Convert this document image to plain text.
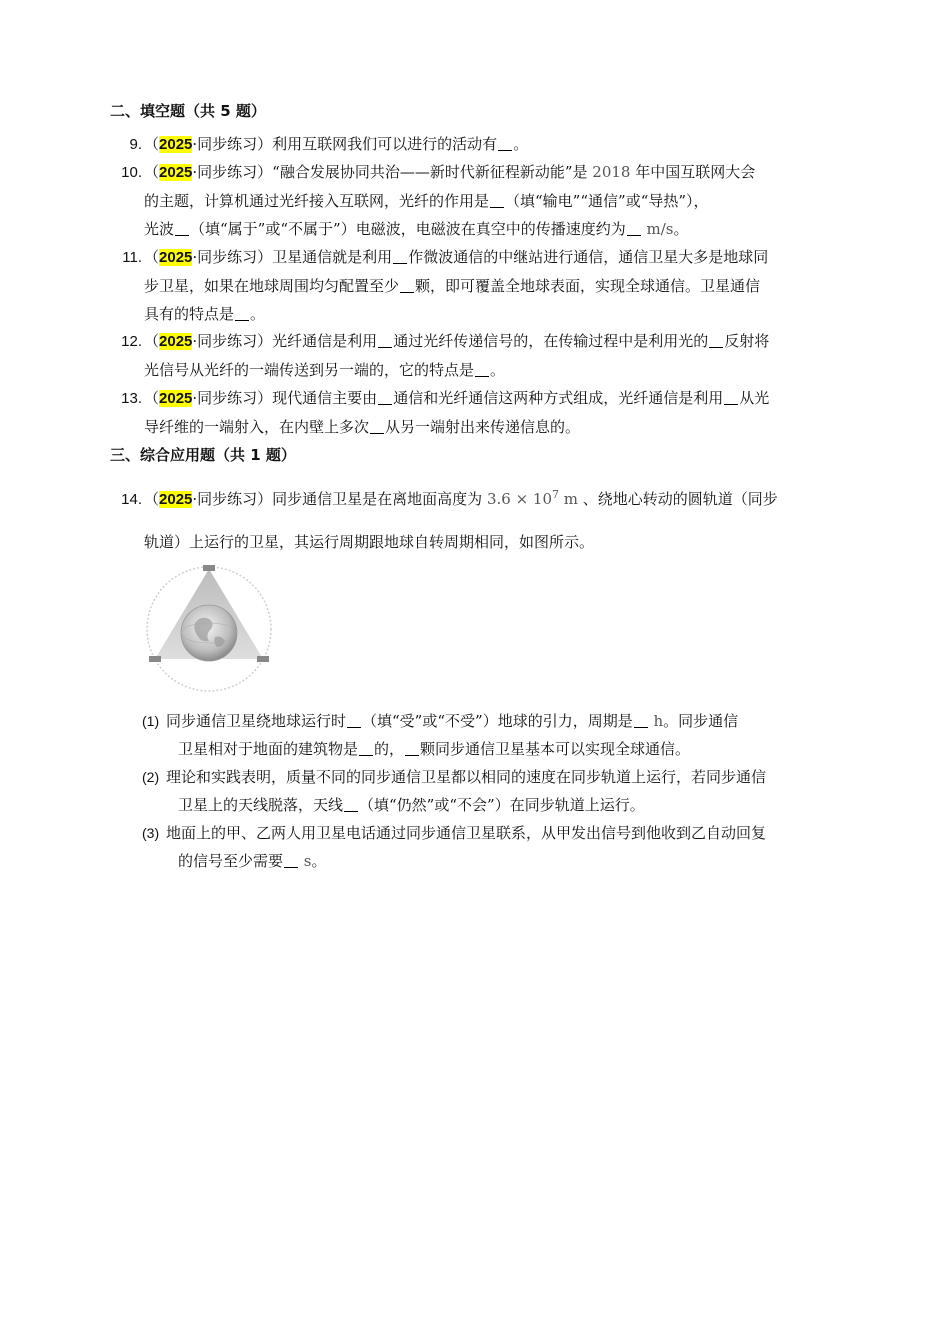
二、填空题（共 5 题）
9. （2025·同步练习）利用互联网我们可以进行的活动有 。
10. （2025·同步练习）“融合发展协同共治——新时代新征程新动能”是 2018 年中国互联网大会
的主题，计算机通过光纤接入互联网，光纤的作用是 （填“输电”“通信”或“导热”），
光波 （填“属于”或“不属于”）电磁波，电磁波在真空中的传播速度约为 m/s。
11. （2025·同步练习）卫星通信就是利用 作微波通信的中继站进行通信，通信卫星大多是地球同
步卫星，如果在地球周围均匀配置至少 颗，即可覆盖全地球表面，实现全球通信。卫星通信
具有的特点是 。
12. （2025·同步练习）光纤通信是利用 通过光纤传递信号的，在传输过程中是利用光的 反射将
光信号从光纤的一端传送到另一端的，它的特点是 。
13. （2025·同步练习）现代通信主要由 通信和光纤通信这两种方式组成，光纤通信是利用 从光
导纤维的一端射入，在内壁上多次 从另一端射出来传递信息的。
三、综合应用题（共 1 题）
14. （2025·同步练习）同步通信卫星是在离地面高度为 $3.6 \times 10^7$ m 、绕地心转动的圆轨道（同步
轨道）上运行的卫星，其运行周期跟地球自转周期相同，如图所示。
(1) 同步通信卫星绕地球运行时 （填“受”或“不受”）地球的引力，周期是 h。同步通信
卫星相对于地面的建筑物是 的， 颗同步通信卫星基本可以实现全球通信。
(2) 理论和实践表明，质量不同的同步通信卫星都以相同的速度在同步轨道上运行，若同步通信
卫星上的天线脱落，天线 （填“仍然”或“不会”）在同步轨道上运行。
(3) 地面上的甲、乙两人用卫星电话通过同步通信卫星联系，从甲发出信号到他收到乙自动回复
的信号至少需要 s。
